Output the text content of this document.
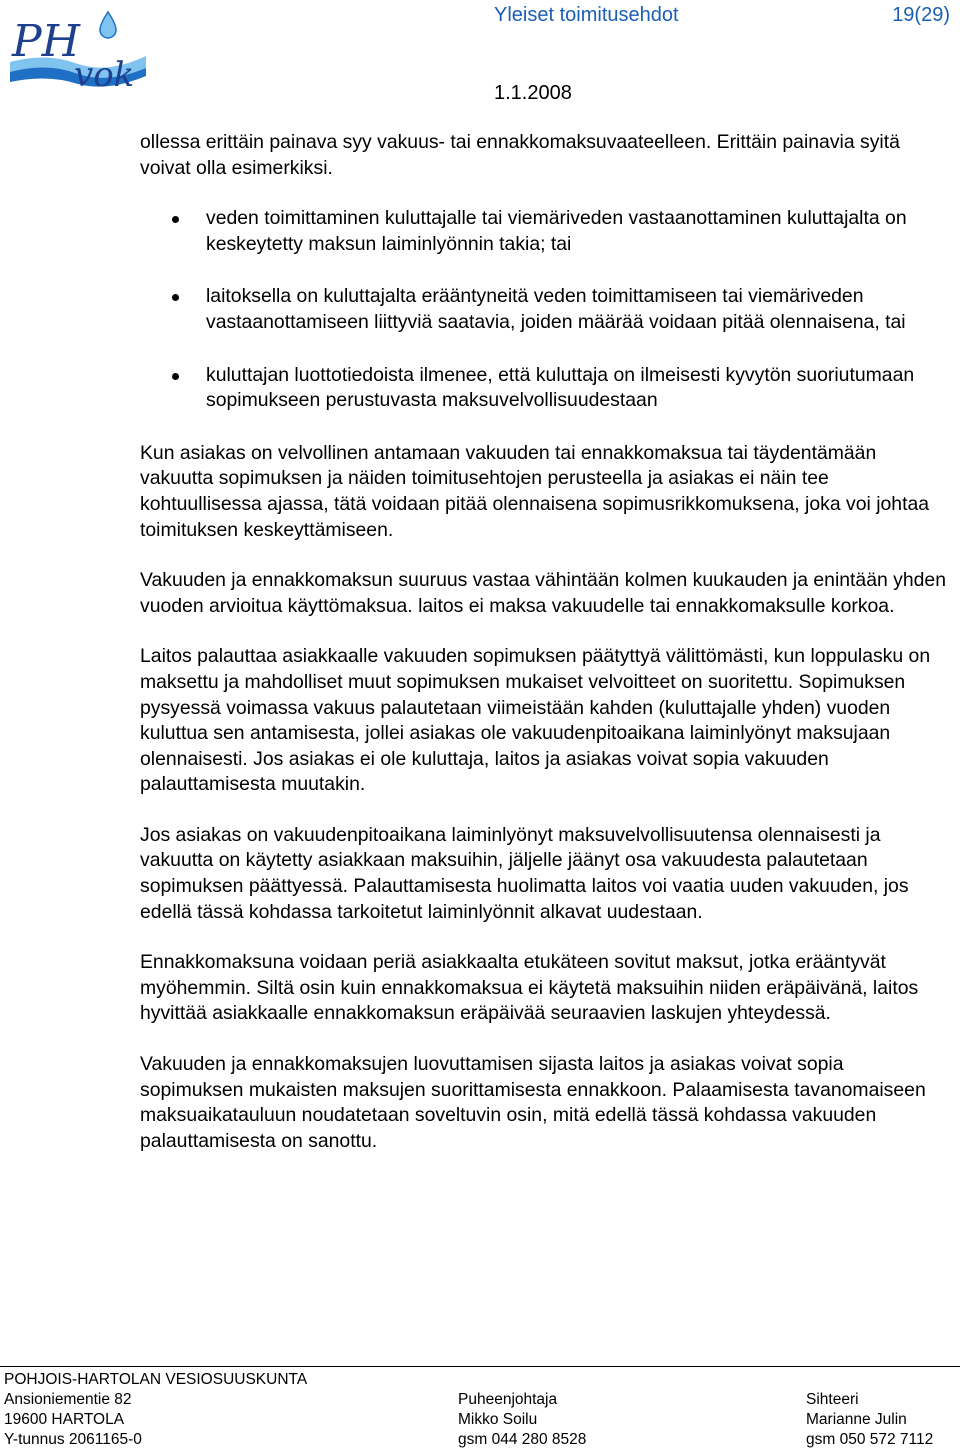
PH
vok
Yleiset toimitusehdot	19(29)
1.1.2008

ollessa erittäin painava syy vakuus- tai ennakkomaksuvaateelleen. Erittäin painavia syitä voivat olla esimerkiksi.

veden toimittaminen kuluttajalle tai viemäriveden vastaanottaminen kuluttajalta on keskeytetty maksun laiminlyönnin takia; tai
laitoksella on kuluttajalta erääntyneitä veden toimittamiseen tai viemäriveden vastaanottamiseen liittyviä saatavia, joiden määrää voidaan pitää olennaisena, tai
kuluttajan luottotiedoista ilmenee, että kuluttaja on ilmeisesti kyvytön suoriutumaan sopimukseen perustuvasta maksuvelvollisuudestaan

Kun asiakas on velvollinen antamaan vakuuden tai ennakkomaksua tai täydentämään vakuutta sopimuksen ja näiden toimitusehtojen perusteella ja asiakas ei näin tee kohtuullisessa ajassa, tätä voidaan pitää olennaisena sopimusrikkomuksena, joka voi johtaa toimituksen keskeyttämiseen.

Vakuuden ja ennakkomaksun suuruus vastaa vähintään kolmen kuukauden ja enintään yhden vuoden arvioitua käyttömaksua. laitos ei maksa vakuudelle tai ennakkomaksulle korkoa.

Laitos palauttaa asiakkaalle vakuuden sopimuksen päätyttyä välittömästi, kun loppulasku on maksettu ja mahdolliset muut sopimuksen mukaiset velvoitteet on suoritettu. Sopimuksen pysyessä voimassa vakuus palautetaan viimeistään kahden (kuluttajalle yhden) vuoden kuluttua sen antamisesta, jollei asiakas ole vakuudenpitoaikana laiminlyönyt maksujaan olennaisesti. Jos asiakas ei ole kuluttaja, laitos ja asiakas voivat sopia vakuuden palauttamisesta muutakin.

Jos asiakas on vakuudenpitoaikana laiminlyönyt maksuvelvollisuutensa olennaisesti ja vakuutta on käytetty asiakkaan maksuihin, jäljelle jäänyt osa vakuudesta palautetaan sopimuksen päättyessä. Palauttamisesta huolimatta laitos voi vaatia uuden vakuuden, jos edellä tässä kohdassa tarkoitetut laiminlyönnit alkavat uudestaan.

Ennakkomaksuna voidaan periä asiakkaalta etukäteen sovitut maksut, jotka erääntyvät myöhemmin. Siltä osin kuin ennakkomaksua ei käytetä maksuihin niiden eräpäivänä, laitos hyvittää asiakkaalle ennakkomaksun eräpäivää seuraavien laskujen yhteydessä.

Vakuuden ja ennakkomaksujen luovuttamisen sijasta laitos ja asiakas voivat sopia sopimuksen mukaisten maksujen suorittamisesta ennakkoon. Palaamisesta tavanomaiseen maksuaikatauluun noudatetaan soveltuvin osin, mitä edellä tässä kohdassa vakuuden palauttamisesta on sanottu.

POHJOIS-HARTOLAN VESIOSUUSKUNTA
Ansioniementie 82
19600 HARTOLA
Y-tunnus 2061165-0
Puheenjohtaja
Mikko Soilu
gsm 044 280 8528
Sihteeri
Marianne Julin
gsm 050 572 7112
